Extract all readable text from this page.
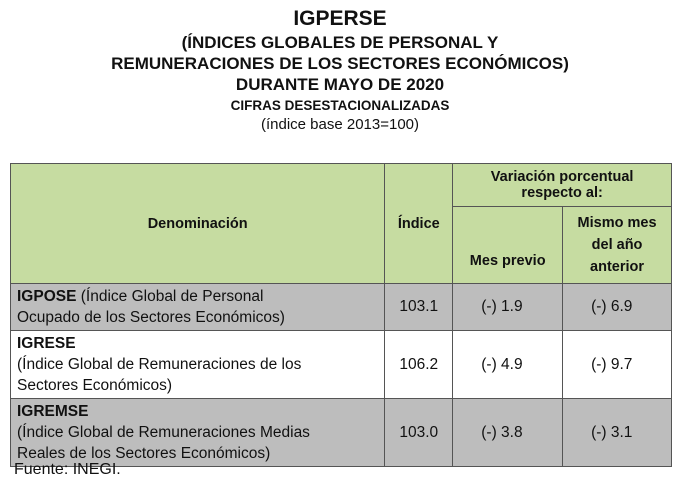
IGPERSE
(ÍNDICES GLOBALES DE PERSONAL Y
REMUNERACIONES DE LOS SECTORES ECONÓMICOS)
DURANTE MAYO DE 2020
CIFRAS DESESTACIONALIZADAS
(índice base 2013=100)
Denominación	Índice	Variación porcentual
respecto al:	

		Mes previo	Mismo mes
del año
anterior

IGPOSE (Índice Global de Personal
Ocupado de los Sectores Económicos)	103.1	(-) 1.9	(-) 6.9

IGRESE
(Índice Global de Remuneraciones de los
Sectores Económicos)	106.2	(-) 4.9	(-) 9.7

IGREMSE
(Índice Global de Remuneraciones Medias
Reales de los Sectores Económicos)	103.0	(-) 3.8	(-) 3.1
Fuente: INEGI.
